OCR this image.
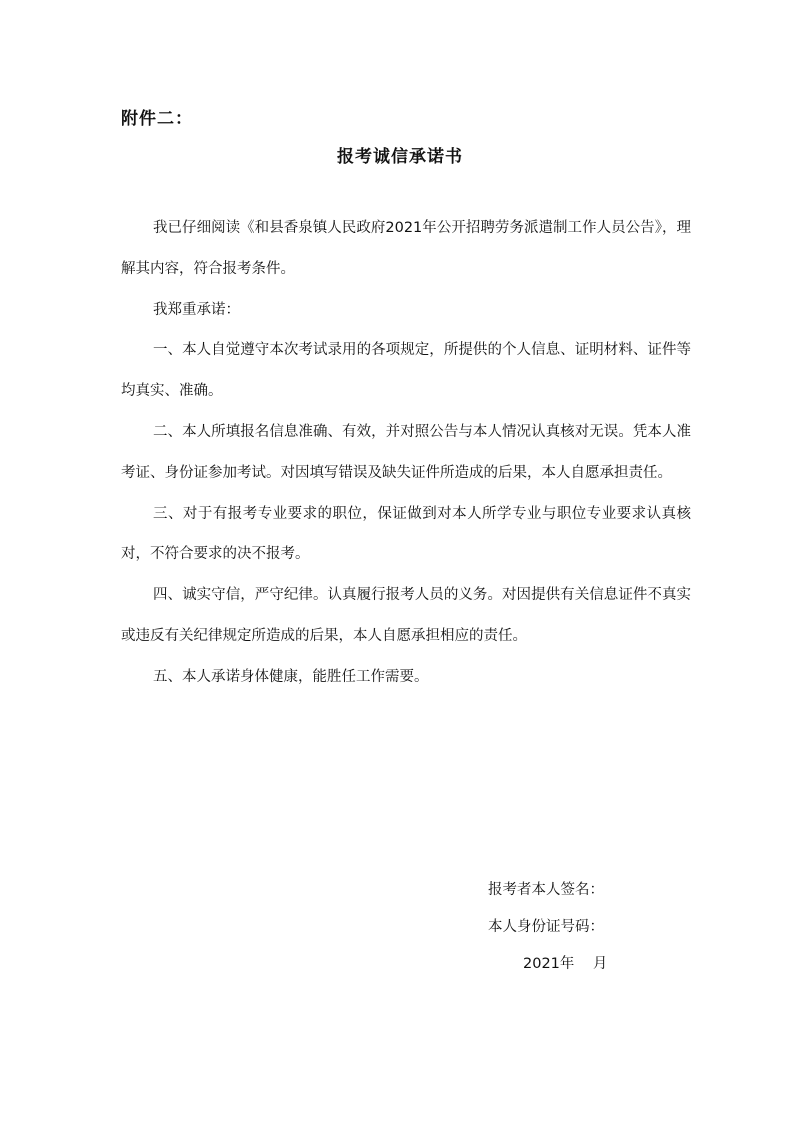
附件二：
报考诚信承诺书

我已仔细阅读《和县香泉镇人民政府2021年公开招聘劳务派遣制工作人员公告》，理解其内容，符合报考条件。

我郑重承诺：

一、本人自觉遵守本次考试录用的各项规定，所提供的个人信息、证明材料、证件等均真实、准确。

二、本人所填报名信息准确、有效，并对照公告与本人情况认真核对无误。凭本人准考证、身份证参加考试。对因填写错误及缺失证件所造成的后果，本人自愿承担责任。

三、对于有报考专业要求的职位，保证做到对本人所学专业与职位专业要求认真核对，不符合要求的决不报考。

四、诚实守信，严守纪律。认真履行报考人员的义务。对因提供有关信息证件不真实或违反有关纪律规定所造成的后果，本人自愿承担相应的责任。

五、本人承诺身体健康，能胜任工作需要。

报考者本人签名：
本人身份证号码：
2021年    月
